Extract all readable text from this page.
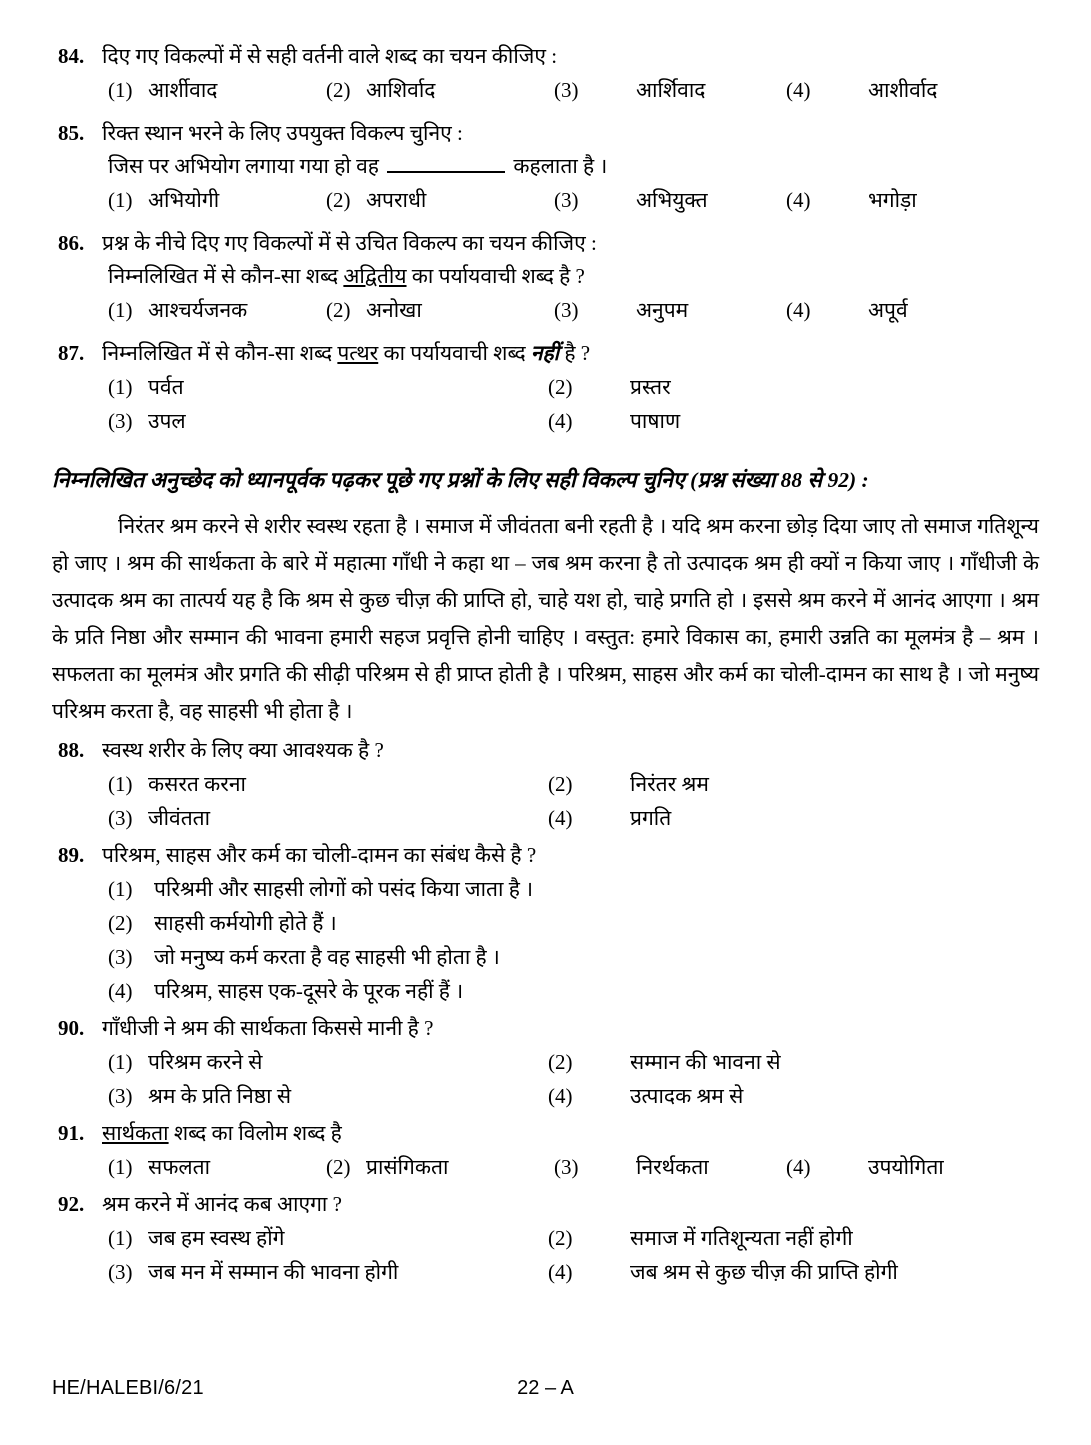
84. दिए गए विकल्पों में से सही वर्तनी वाले शब्द का चयन कीजिए :
(1) आर्शीवाद	(2) आशिर्वाद	(3)	आर्शिवाद	(4)	आशीर्वाद
85. रिक्त स्थान भरने के लिए उपयुक्त विकल्प चुनिए :
जिस पर अभियोग लगाया गया हो वह	कहलाता है ।
(1) अभियोगी	(2) अपराधी	(3)	अभियुक्त	(4)	भगोड़ा
86. प्रश्न के नीचे दिए गए विकल्पों में से उचित विकल्प का चयन कीजिए :
निम्नलिखित में से कौन-सा शब्द अद्वितीय का पर्यायवाची शब्द है ?
(1) आश्चर्यजनक	(2) अनोखा	(3)	अनुपम	(4)	अपूर्व
87. निम्नलिखित में से कौन-सा शब्द पत्थर का पर्यायवाची शब्द नहीं है ?
(1) पर्वत	(2)	प्रस्तर
(3) उपल	(4)	पाषाण
निम्नलिखित अनुच्छेद को ध्यानपूर्वक पढ़कर पूछे गए प्रश्नों के लिए सही विकल्प चुनिए (प्रश्न संख्या 88 से 92) :
निरंतर श्रम करने से शरीर स्वस्थ रहता है । समाज में जीवंतता बनी रहती है । यदि श्रम करना छोड़ दिया जाए तो समाज गतिशून्य हो जाए । श्रम की सार्थकता के बारे में महात्मा गाँधी ने कहा था – जब श्रम करना है तो उत्पादक श्रम ही क्यों न किया जाए । गाँधीजी के उत्पादक श्रम का तात्पर्य यह है कि श्रम से कुछ चीज़ की प्राप्ति हो, चाहे यश हो, चाहे प्रगति हो । इससे श्रम करने में आनंद आएगा । श्रम के प्रति निष्ठा और सम्मान की भावना हमारी सहज प्रवृत्ति होनी चाहिए । वस्तुत: हमारे विकास का, हमारी उन्नति का मूलमंत्र है – श्रम । सफलता का मूलमंत्र और प्रगति की सीढ़ी परिश्रम से ही प्राप्त होती है । परिश्रम, साहस और कर्म का चोली-दामन का साथ है । जो मनुष्य परिश्रम करता है, वह साहसी भी होता है ।
88. स्वस्थ शरीर के लिए क्या आवश्यक है ?
(1) कसरत करना	(2)	निरंतर श्रम
(3) जीवंतता	(4)	प्रगति
89. परिश्रम, साहस और कर्म का चोली-दामन का संबंध कैसे है ?
(1)	परिश्रमी और साहसी लोगों को पसंद किया जाता है ।
(2)	साहसी कर्मयोगी होते हैं ।
(3)	जो मनुष्य कर्म करता है वह साहसी भी होता है ।
(4)	परिश्रम, साहस एक-दूसरे के पूरक नहीं हैं ।
90. गाँधीजी ने श्रम की सार्थकता किससे मानी है ?
(1) परिश्रम करने से	(2)	सम्मान की भावना से
(3) श्रम के प्रति निष्ठा से	(4)	उत्पादक श्रम से
91. सार्थकता शब्द का विलोम शब्द है
(1) सफलता	(2) प्रासंगिकता	(3)	निरर्थकता	(4)	उपयोगिता
92. श्रम करने में आनंद कब आएगा ?
(1) जब हम स्वस्थ होंगे	(2)	समाज में गतिशून्यता नहीं होगी
(3) जब मन में सम्मान की भावना होगी	(4)	जब श्रम से कुछ चीज़ की प्राप्ति होगी
HE/HALEBI/6/21	22 – A
